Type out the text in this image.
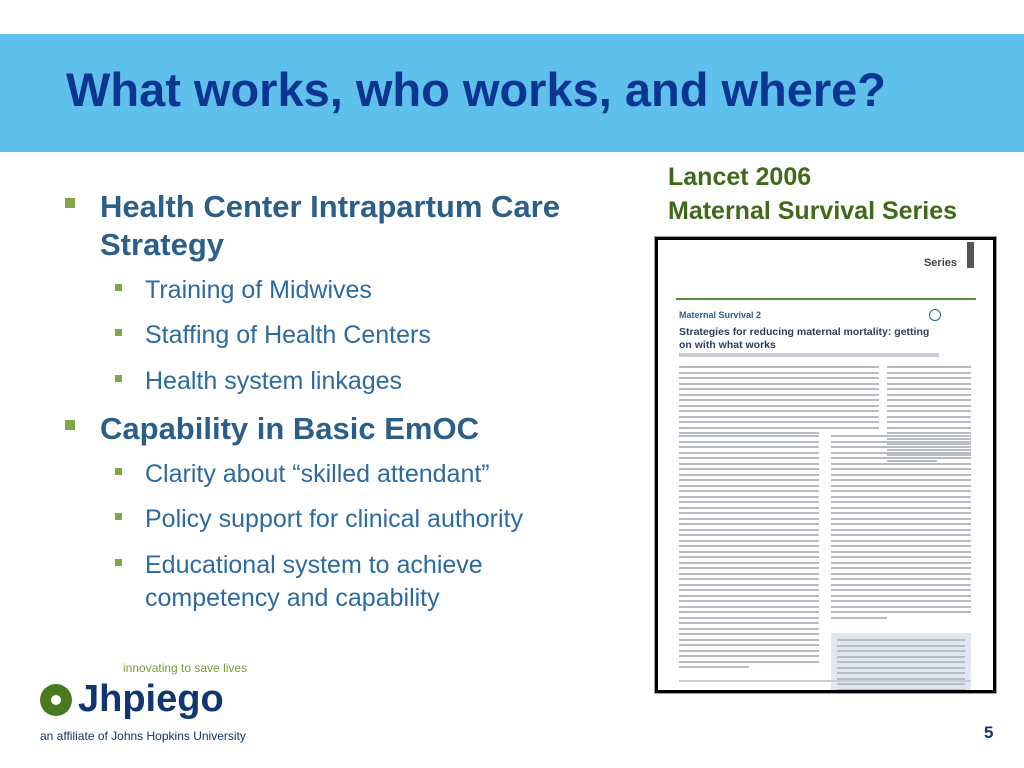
What works, who works, and where?
Health Center Intrapartum Care Strategy
Training of Midwives
Staffing of Health Centers
Health system linkages
Capability in Basic EmOC
Clarity about “skilled attendant”
Policy support for clinical authority
Educational system to achieve competency and capability
Lancet 2006
Maternal Survival Series
Series
Maternal Survival 2
Strategies for reducing maternal mortality: getting on with what works
innovating to save lives
Jhpiego
an affiliate of Johns Hopkins University	5
